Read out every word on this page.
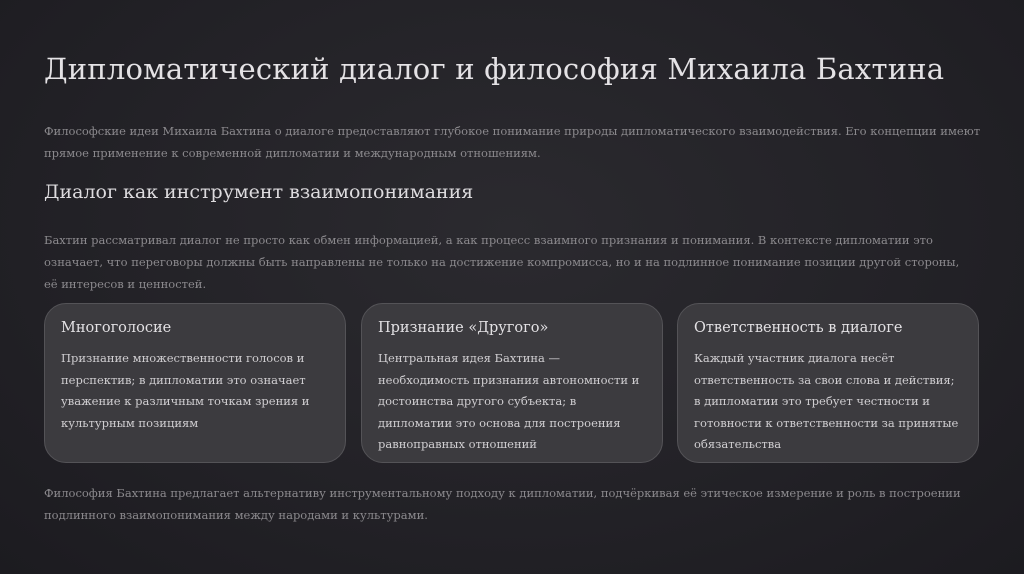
Дипломатический диалог и философия Михаила Бахтина
Философские идеи Михаила Бахтина о диалоге предоставляют глубокое понимание природы дипломатического взаимодействия. Его концепции имеют прямое применение к современной дипломатии и международным отношениям.
Диалог как инструмент взаимопонимания
Бахтин рассматривал диалог не просто как обмен информацией, а как процесс взаимного признания и понимания. В контексте дипломатии это означает, что переговоры должны быть направлены не только на достижение компромисса, но и на подлинное понимание позиции другой стороны, её интересов и ценностей.
Многоголосие
Признание множественности голосов и перспектив; в дипломатии это означает уважение к различным точкам зрения и культурным позициям
Признание «Другого»
Центральная идея Бахтина — необходимость признания автономности и достоинства другого субъекта; в дипломатии это основа для построения равноправных отношений
Ответственность в диалоге
Каждый участник диалога несёт ответственность за свои слова и действия; в дипломатии это требует честности и готовности к ответственности за принятые обязательства
Философия Бахтина предлагает альтернативу инструментальному подходу к дипломатии, подчёркивая её этическое измерение и роль в построении подлинного взаимопонимания между народами и культурами.
